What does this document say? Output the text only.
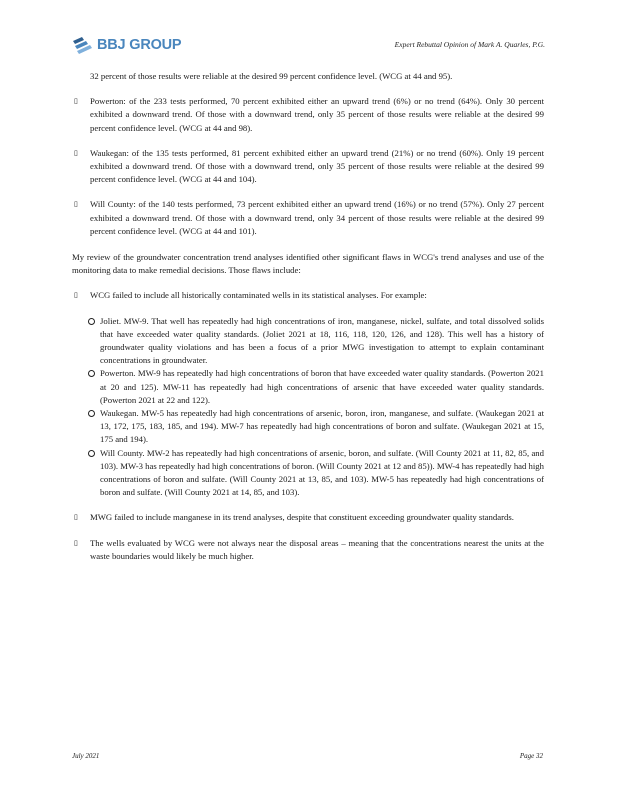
BBJ GROUP	Expert Rebuttal Opinion of Mark A. Quarles, P.G.
32 percent of those results were reliable at the desired 99 percent confidence level. (WCG at 44 and 95).
▯ Powerton: of the 233 tests performed, 70 percent exhibited either an upward trend (6%) or no trend (64%). Only 30 percent exhibited a downward trend. Of those with a downward trend, only 35 percent of those results were reliable at the desired 99 percent confidence level. (WCG at 44 and 98).
▯ Waukegan: of the 135 tests performed, 81 percent exhibited either an upward trend (21%) or no trend (60%). Only 19 percent exhibited a downward trend. Of those with a downward trend, only 35 percent of those results were reliable at the desired 99 percent confidence level. (WCG at 44 and 104).
▯ Will County: of the 140 tests performed, 73 percent exhibited either an upward trend (16%) or no trend (57%). Only 27 percent exhibited a downward trend. Of those with a downward trend, only 34 percent of those results were reliable at the desired 99 percent confidence level. (WCG at 44 and 101).
My review of the groundwater concentration trend analyses identified other significant flaws in WCG's trend analyses and use of the monitoring data to make remedial decisions. Those flaws include:
▯ WCG failed to include all historically contaminated wells in its statistical analyses. For example:
Joliet. MW-9. That well has repeatedly had high concentrations of iron, manganese, nickel, sulfate, and total dissolved solids that have exceeded water quality standards. (Joliet 2021 at 18, 116, 118, 120, 126, and 128). This well has a history of groundwater quality violations and has been a focus of a prior MWG investigation to attempt to explain contaminant concentrations in groundwater.
Powerton. MW-9 has repeatedly had high concentrations of boron that have exceeded water quality standards. (Powerton 2021 at 20 and 125). MW-11 has repeatedly had high concentrations of arsenic that have exceeded water quality standards. (Powerton 2021 at 22 and 122).
Waukegan. MW-5 has repeatedly had high concentrations of arsenic, boron, iron, manganese, and sulfate. (Waukegan 2021 at 13, 172, 175, 183, 185, and 194). MW-7 has repeatedly had high concentrations of boron and sulfate. (Waukegan 2021 at 15, 175 and 194).
Will County. MW-2 has repeatedly had high concentrations of arsenic, boron, and sulfate. (Will County 2021 at 11, 82, 85, and 103). MW-3 has repeatedly had high concentrations of boron. (Will County 2021 at 12 and 85)). MW-4 has repeatedly had high concentrations of boron and sulfate. (Will County 2021 at 13, 85, and 103). MW-5 has repeatedly had high concentrations of boron and sulfate. (Will County 2021 at 14, 85, and 103).
▯ MWG failed to include manganese in its trend analyses, despite that constituent exceeding groundwater quality standards.
▯ The wells evaluated by WCG were not always near the disposal areas – meaning that the concentrations nearest the units at the waste boundaries would likely be much higher.
July 2021	Page 32
